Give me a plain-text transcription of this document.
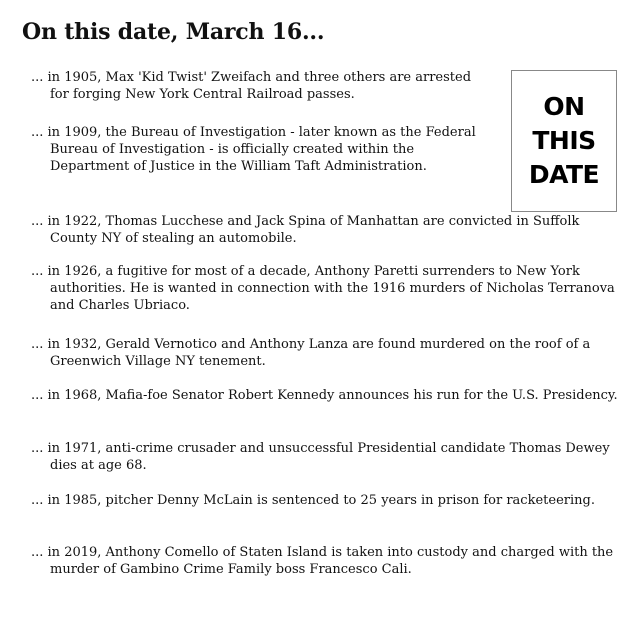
On this date, March 16...
ON
THIS
DATE

... in 1905, Max 'Kid Twist' Zweifach and three others are arrested for forging New York Central Railroad passes.

... in 1909, the Bureau of Investigation - later known as the Federal Bureau of Investigation - is officially created within the Department of Justice in the William Taft Administration.

... in 1922, Thomas Lucchese and Jack Spina of Manhattan are convicted in Suffolk County NY of stealing an automobile.

... in 1926, a fugitive for most of a decade, Anthony Paretti surrenders to New York authorities. He is wanted in connection with the 1916 murders of Nicholas Terranova and Charles Ubriaco.

... in 1932, Gerald Vernotico and Anthony Lanza are found murdered on the roof of a Greenwich Village NY tenement.

... in 1968, Mafia-foe Senator Robert Kennedy announces his run for the U.S. Presidency.

... in 1971, anti-crime crusader and unsuccessful Presidential candidate Thomas Dewey dies at age 68.

... in 1985, pitcher Denny McLain is sentenced to 25 years in prison for racketeering.

... in 2019, Anthony Comello of Staten Island is taken into custody and charged with the murder of Gambino Crime Family boss Francesco Cali.
